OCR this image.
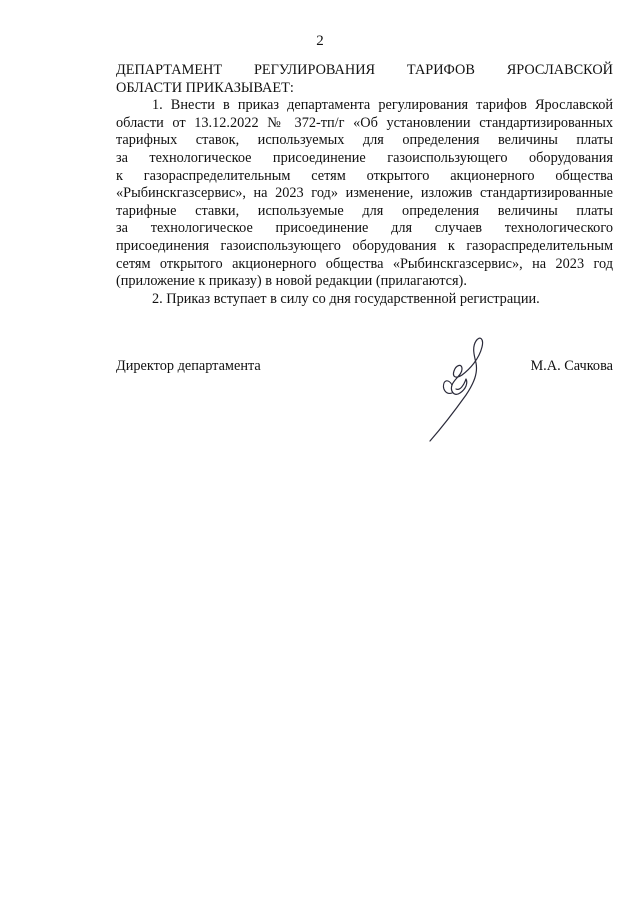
2
ДЕПАРТАМЕНТ РЕГУЛИРОВАНИЯ ТАРИФОВ ЯРОСЛАВСКОЙ
ОБЛАСТИ ПРИКАЗЫВАЕТ:
1. Внести в приказ департамента регулирования тарифов Ярославской
области от 13.12.2022 № 372-тп/г «Об установлении стандартизированных
тарифных ставок, используемых для определения величины платы
за технологическое присоединение газоиспользующего оборудования
к газораспределительным сетям открытого акционерного общества
«Рыбинскгазсервис», на 2023 год» изменение, изложив стандартизированные
тарифные ставки, используемые для определения величины платы
за технологическое присоединение для случаев технологического
присоединения газоиспользующего оборудования к газораспределительным
сетям открытого акционерного общества «Рыбинскгазсервис», на 2023 год
(приложение к приказу) в новой редакции (прилагаются).
2. Приказ вступает в силу со дня государственной регистрации.
Директор департамента	М.А. Сачкова
